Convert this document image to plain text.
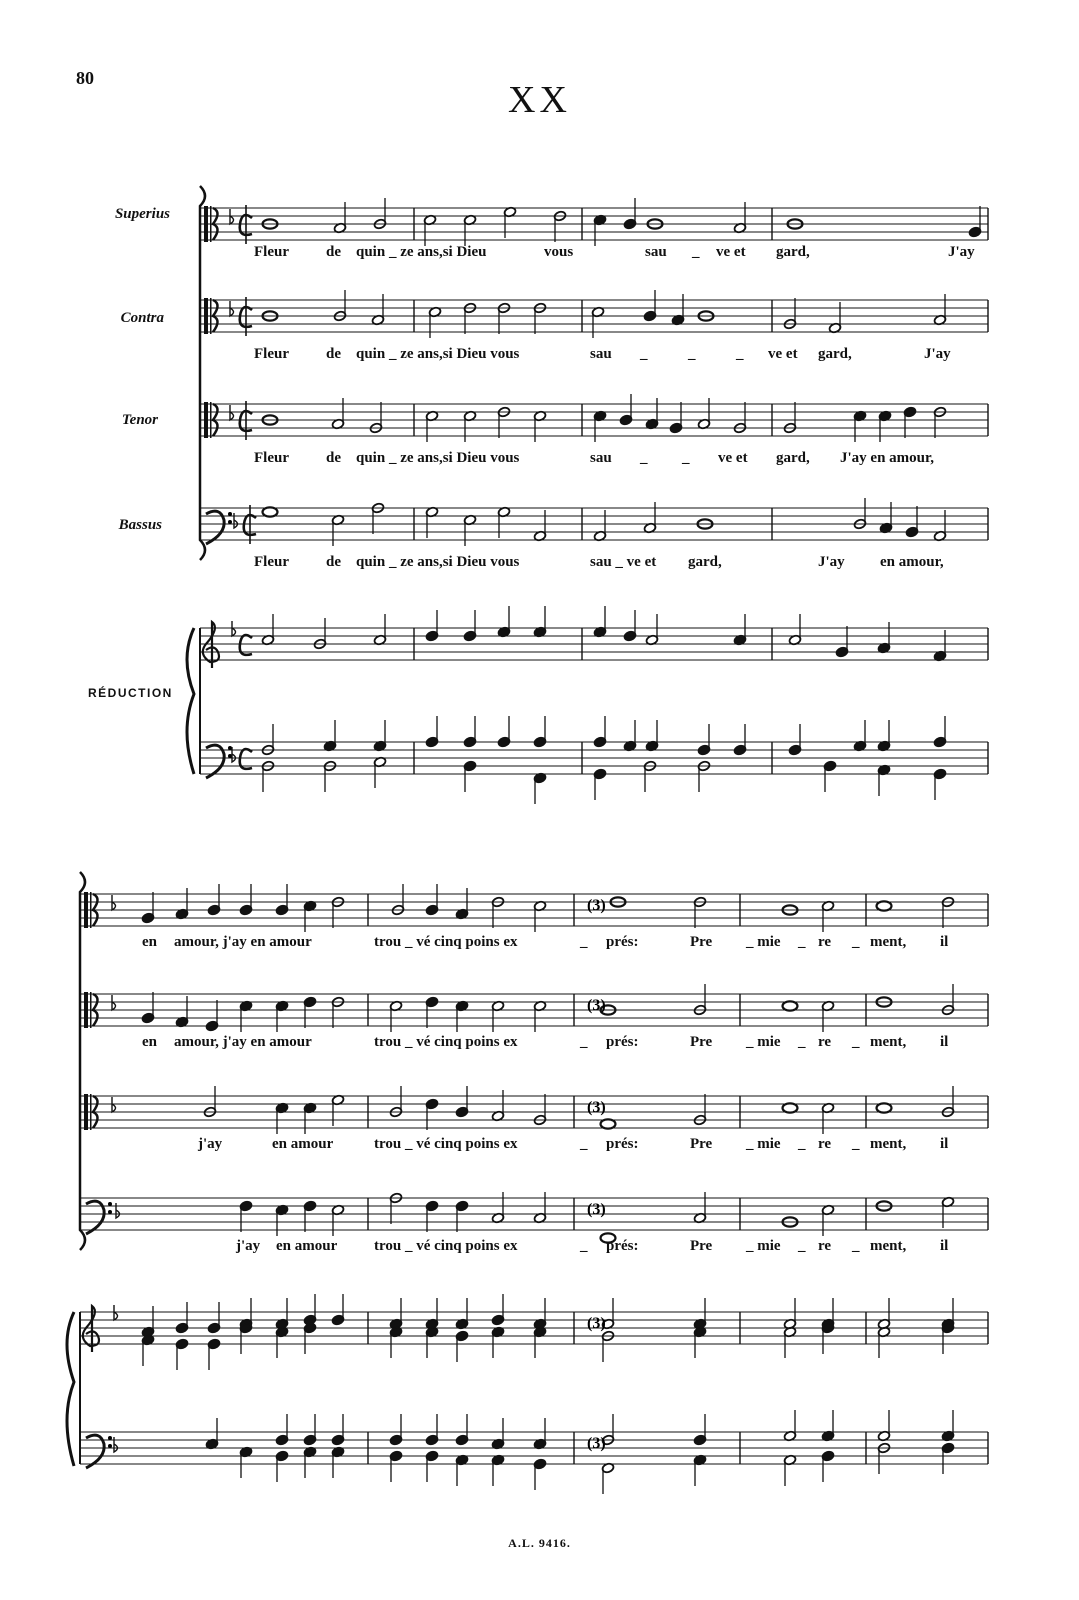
80
XX
Superius
Contra
Tenor
Bassus
RÉDUCTION
(3)
(3)
(3)
(3)
(3)
(3)
Fleur de quin _ ze ans,si Dieu	vous	sau _ ve et gard,	J'ay
Fleur de quin _ ze ans,si Dieu vous	sau _	_	_ ve et gard,	J'ay
Fleur de quin _ ze ans,si Dieu vous	sau _ _ ve et gard, J'ay en amour,
Fleur de quin _ ze ans,si Dieu vous	sau _ ve et gard,	J'ay en amour,
en amour, j'ay en amour	trou _ vé cinq poins ex	_ prés:	Pre _ mie _ re _ ment, il
en amour, j'ay en amour	trou _ vé cinq poins ex	_ prés:	Pre _ mie _ re _ ment, il
j'ay	en amour	trou _ vé cinq poins ex	_ prés:	Pre _ mie _ re _ ment, il
j'ay en amour trou _ vé cinq poins ex	_ prés:	Pre _ mie _ re _ ment, il
A.L. 9416.
